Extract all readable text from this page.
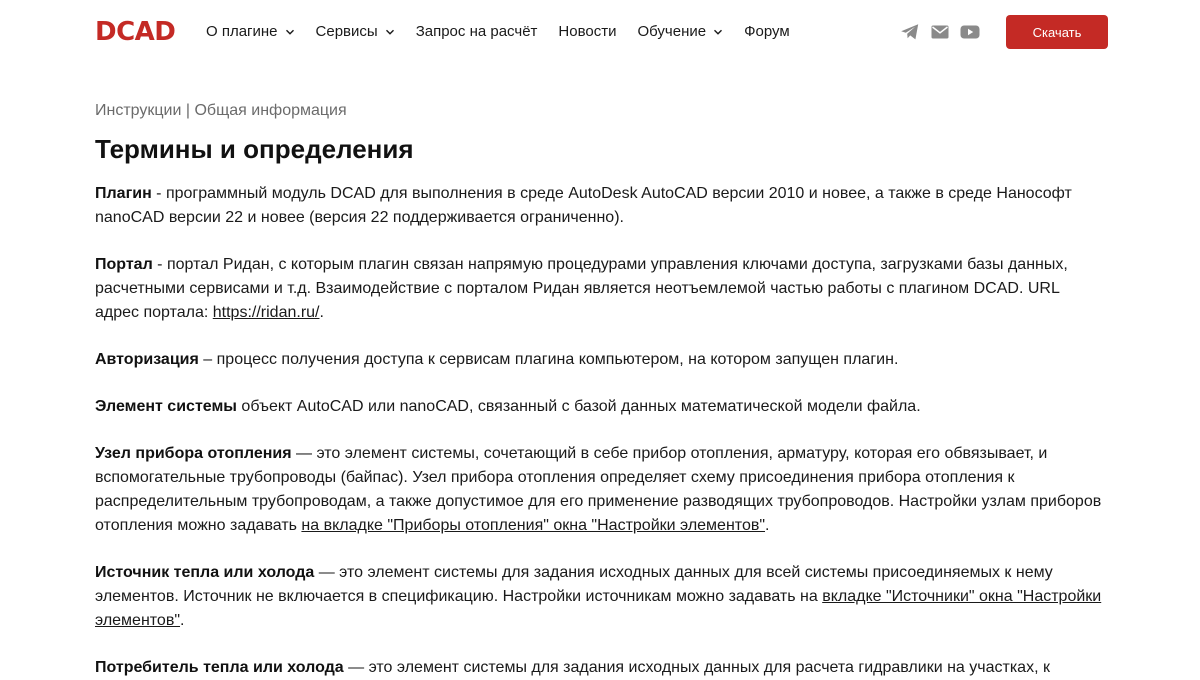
DCAD О плагине	Сервисы	Запрос на расчёт Новости Обучение	Форум	Скачать
Инструкции | Общая информация
Термины и определения

Плагин - программный модуль DCAD для выполнения в среде AutoDesk AutoCAD версии 2010 и новее, а также в среде Нанософт nanoCAD версии 22 и новее (версия 22 поддерживается ограниченно).

Портал - портал Ридан, с которым плагин связан напрямую процедурами управления ключами доступа, загрузками базы данных, расчетными сервисами и т.д. Взаимодействие с порталом Ридан является неотъемлемой частью работы с плагином DCAD. URL адрес портала: https://ridan.ru/.

Авторизация – процесс получения доступа к сервисам плагина компьютером, на котором запущен плагин.

Элемент системы объект AutoCAD или nanoCAD, связанный с базой данных математической модели файла.

Узел прибора отопления — это элемент системы, сочетающий в себе прибор отопления, арматуру, которая его обвязывает, и вспомогательные трубопроводы (байпас). Узел прибора отопления определяет схему присоединения прибора отопления к распределительным трубопроводам, а также допустимое для его применение разводящих трубопроводов. Настройки узлам приборов отопления можно задавать на вкладке "Приборы отопления" окна "Настройки элементов".

Источник тепла или холода — это элемент системы для задания исходных данных для всей системы присоединяемых к нему элементов. Источник не включается в спецификацию. Настройки источникам можно задавать на вкладке "Источники" окна "Настройки элементов".

Потребитель тепла или холода — это элемент системы для задания исходных данных для расчета гидравлики на участках, к
